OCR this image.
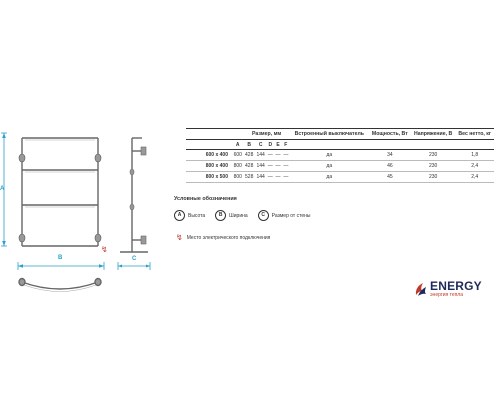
A
B	C
↯
	Размер, мм						Встроенный выключатель	Мощность, Вт	Напряжение, В	Вес нетто, кг
	A	B	C	D	E	F				
600 x 400	600	428	144	—	—	—	да	34	230	1,8
800 x 400	800	428	144	—	—	—	да	46	230	2,4
800 x 500	800	528	144	—	—	—	да	45	230	2,4
Условные обозначения
A	Высота	B	Ширина	C	Размер от стены
↯ Место электрического подключения
ENERGY
энергия тепла
